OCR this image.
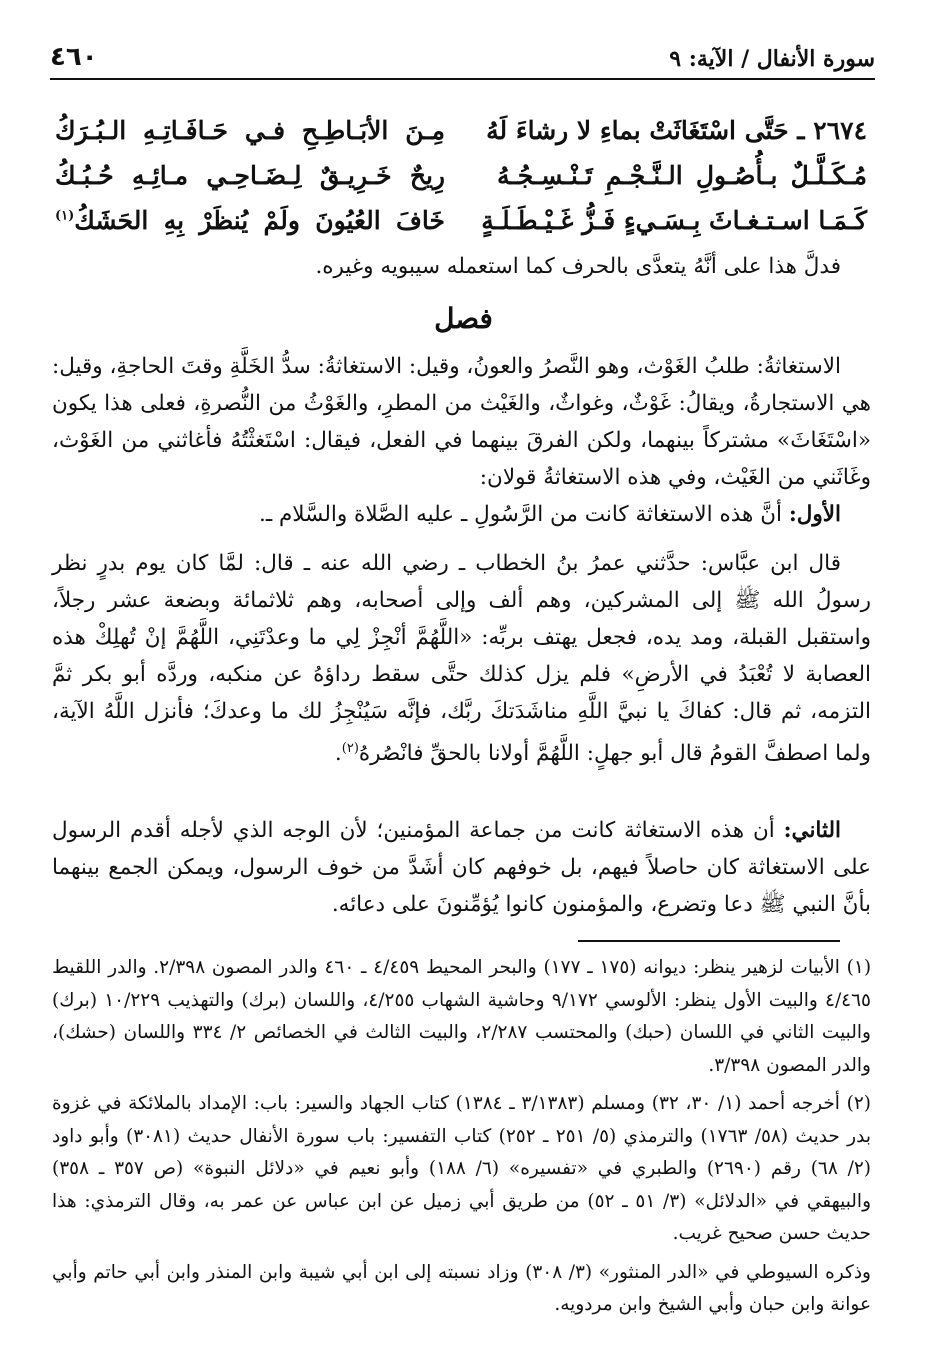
سورة الأنفال / الآية: ٩
٤٦٠
٢٦٧٤ ـ حَتَّى اسْتَغَاثَتْ بماءِ لا رشاءَ لَهُ
مِـنَ الأبَـاطِـحِ فـي حَـافَـاتِـهِ الـبُـرَكُ
مُـكَـلَّـلٌ بـأُصُـولِ الـنَّـجْـمِ تَـنْـسِـجُـهُ
رِيحٌ خَـرِيـقٌ لِـضَـاحِـي مـائِـهِ حُـبُـكُ
كَـمَـا اسـتـغـاثَ بِـسَـيءٍ فَـزُّ غَـيْـطَـلَـةٍ
خَافَ العُيُونَ ولَمْ يُنظَرْ بِهِ الحَشَكُ$^{(١)}$

فدلَّ هذا على أنَّهُ يتعدَّى بالحرف كما استعمله سيبويه وغيره.

فصل

الاستغاثةُ: طلبُ الغَوْث، وهو النَّصرُ والعونُ، وقيل: الاستغاثةُ: سدُّ الخَلَّةِ وقتَ الحاجةِ، وقيل: هي الاستجارةُ، ويقالُ: غَوْثٌ، وغواثٌ، والغَيْث من المطرِ، والغَوْثُ من النُّصرةِ، فعلى هذا يكون «اسْتَغَاثَ» مشتركاً بينهما، ولكن الفرقَ بينهما في الفعل، فيقال: اسْتَغثْتُهُ فأغاثني من الغَوْث، وغَاثَني من الغَيْث، وفي هذه الاستغاثةُ قولان:

الأول: أنَّ هذه الاستغاثة كانت من الرَّسُولِ ـ عليه الصَّلاة والسَّلام ـ.

قال ابن عبَّاس: حدَّثني عمرُ بنُ الخطاب ـ رضي الله عنه ـ قال: لمَّا كان يوم بدرٍ نظر رسولُ الله ﷺ إلى المشركين، وهم ألف وإلى أصحابه، وهم ثلاثمائة وبضعة عشر رجلاً، واستقبل القبلة، ومد يده، فجعل يهتف بربِّه: «اللَّهُمَّ أنْجِزْ لِي ما وعدْتَنِي، اللَّهُمَّ إنْ تُهلِكْ هذه العصابة لا تُعْبَدُ في الأرضِ» فلم يزل كذلك حتَّى سقط رداؤهُ عن منكبه، وردَّه أبو بكر ثمَّ التزمه، ثم قال: كفاكَ يا نبيَّ اللَّهِ مناشَدَتكَ ربَّك، فإنَّه سَيُنْجِزُ لك ما وعدكَ؛ فأنزل اللَّهُ الآية، ولما اصطفَّ القومُ قال أبو جهلٍ: اللَّهُمَّ أولانا بالحقِّ فانْصُرهُ$^{(٢)}$.

الثاني: أن هذه الاستغاثة كانت من جماعة المؤمنين؛ لأن الوجه الذي لأجله أقدم الرسول على الاستغاثة كان حاصلاً فيهم، بل خوفهم كان أشَدَّ من خوف الرسول، ويمكن الجمع بينهما بأنَّ النبي ﷺ دعا وتضرع، والمؤمنون كانوا يُؤمِّنونَ على دعائه.

(١) الأبيات لزهير ينظر: ديوانه (١٧٥ ـ ١٧٧) والبحر المحيط ٤/٤٥٩ ـ ٤٦٠ والدر المصون ٢/٣٩٨. والدر اللقيط ٤/٤٦٥ والبيت الأول ينظر: الألوسي ٩/١٧٢ وحاشية الشهاب ٤/٢٥٥، واللسان (برك) والتهذيب ١٠/٢٢٩ (برك) والبيت الثاني في اللسان (حبك) والمحتسب ٢/٢٨٧، والبيت الثالث في الخصائص ٢/ ٣٣٤ واللسان (حشك)، والدر المصون ٣/٣٩٨.

(٢) أخرجه أحمد (١/ ٣٠، ٣٢) ومسلم (٣/١٣٨٣ ـ ١٣٨٤) كتاب الجهاد والسير: باب: الإمداد بالملائكة في غزوة بدر حديث (٥٨/ ١٧٦٣) والترمذي (٥/ ٢٥١ ـ ٢٥٢) كتاب التفسير: باب سورة الأنفال حديث (٣٠٨١) وأبو داود (٢/ ٦٨) رقم (٢٦٩٠) والطبري في «تفسيره» (٦/ ١٨٨) وأبو نعيم في «دلائل النبوة» (ص ٣٥٧ ـ ٣٥٨) والبيهقي في «الدلائل» (٣/ ٥١ ـ ٥٢) من طريق أبي زميل عن ابن عباس عن عمر به، وقال الترمذي: هذا حديث حسن صحيح غريب.

وذكره السيوطي في «الدر المنثور» (٣/ ٣٠٨) وزاد نسبته إلى ابن أبي شيبة وابن المنذر وابن أبي حاتم وأبي عوانة وابن حبان وأبي الشيخ وابن مردويه.
